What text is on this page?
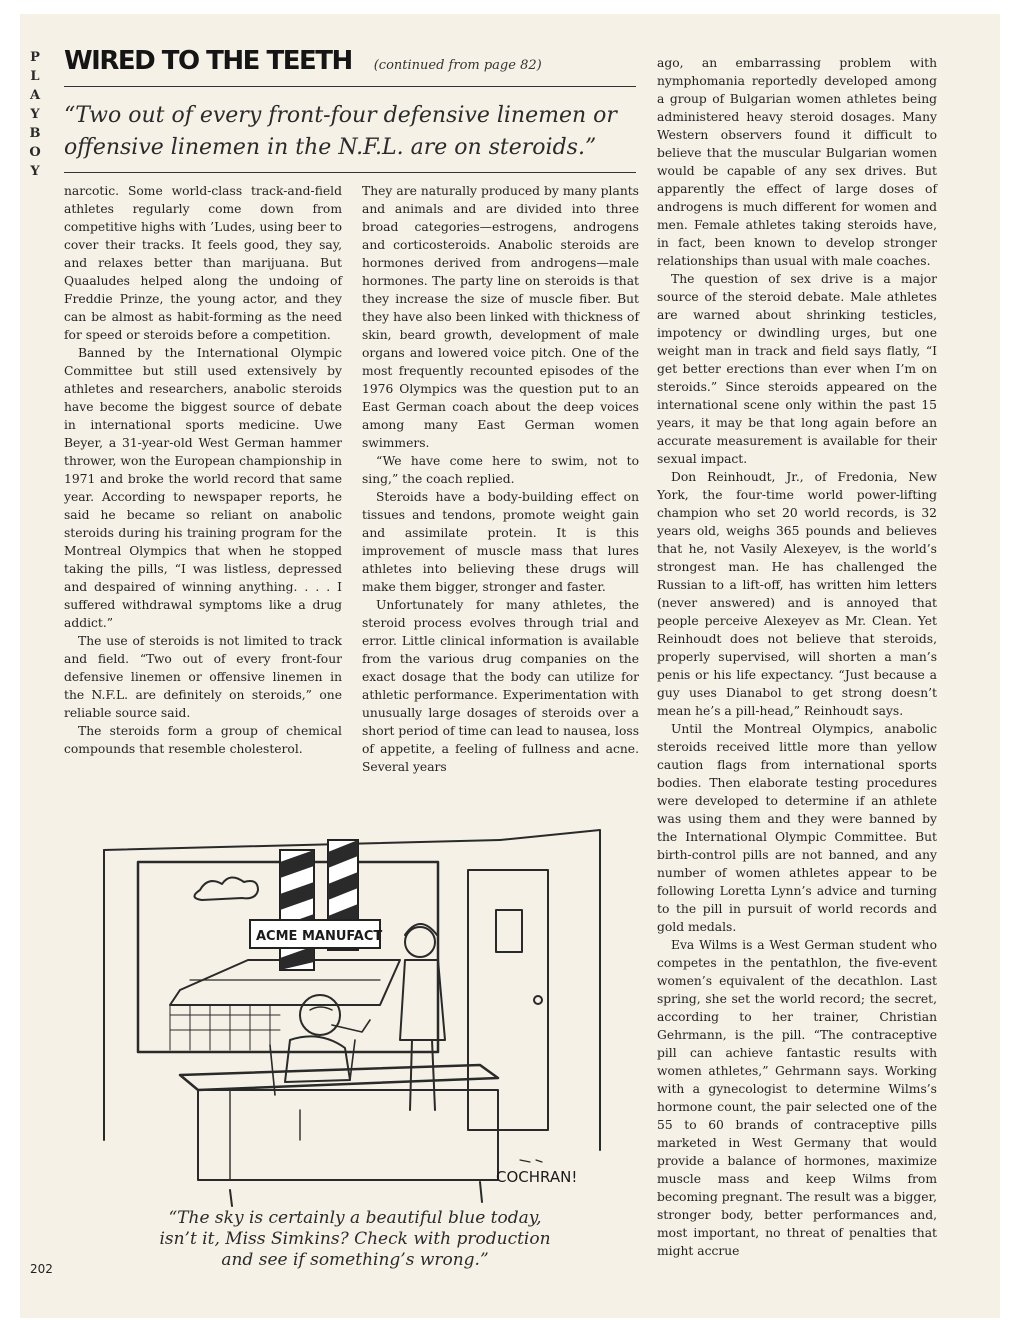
P
L
A
Y
B
O
Y
WIRED TO THE TEETH (continued from page 82)

“Two out of every front-four defensive linemen or offensive linemen in the N.F.L. are on steroids.”

narcotic. Some world-class track-and-field athletes regularly come down from competitive highs with ’Ludes, using beer to cover their tracks. It feels good, they say, and relaxes better than marijuana. But Quaaludes helped along the undoing of Freddie Prinze, the young actor, and they can be almost as habit-forming as the need for speed or steroids before a competition.

Banned by the International Olympic Committee but still used extensively by athletes and researchers, anabolic steroids have become the biggest source of debate in international sports medicine. Uwe Beyer, a 31-year-old West German hammer thrower, won the European championship in 1971 and broke the world record that same year. According to newspaper reports, he said he became so reliant on anabolic steroids during his training program for the Montreal Olympics that when he stopped taking the pills, “I was listless, depressed and despaired of winning anything. . . . I suffered withdrawal symptoms like a drug addict.”

The use of steroids is not limited to track and field. “Two out of every front-four defensive linemen or offensive linemen in the N.F.L. are definitely on steroids,” one reliable source said.

The steroids form a group of chemical compounds that resemble cholesterol.

They are naturally produced by many plants and animals and are divided into three broad categories—estrogens, androgens and corticosteroids. Anabolic steroids are hormones derived from androgens—male hormones. The party line on steroids is that they increase the size of muscle fiber. But they have also been linked with thickness of skin, beard growth, development of male organs and lowered voice pitch. One of the most frequently recounted episodes of the 1976 Olympics was the question put to an East German coach about the deep voices among many East German women swimmers.

“We have come here to swim, not to sing,” the coach replied.

Steroids have a body-building effect on tissues and tendons, promote weight gain and assimilate protein. It is this improvement of muscle mass that lures athletes into believing these drugs will make them bigger, stronger and faster.

Unfortunately for many athletes, the steroid process evolves through trial and error. Little clinical information is available from the various drug companies on the exact dosage that the body can utilize for athletic performance. Experimentation with unusually large dosages of steroids over a short period of time can lead to nausea, loss of appetite, a feeling of fullness and acne. Several years

ago, an embarrassing problem with nymphomania reportedly developed among a group of Bulgarian women athletes being administered heavy steroid dosages. Many Western observers found it difficult to believe that the muscular Bulgarian women would be capable of any sex drives. But apparently the effect of large doses of androgens is much different for women and men. Female athletes taking steroids have, in fact, been known to develop stronger relationships than usual with male coaches.

The question of sex drive is a major source of the steroid debate. Male athletes are warned about shrinking testicles, impotency or dwindling urges, but one weight man in track and field says flatly, “I get better erections than ever when I’m on steroids.” Since steroids appeared on the international scene only within the past 15 years, it may be that long again before an accurate measurement is available for their sexual impact.

Don Reinhoudt, Jr., of Fredonia, New York, the four-time world power-lifting champion who set 20 world records, is 32 years old, weighs 365 pounds and believes that he, not Vasily Alexeyev, is the world’s strongest man. He has challenged the Russian to a lift-off, has written him letters (never answered) and is annoyed that people perceive Alexeyev as Mr. Clean. Yet Reinhoudt does not believe that steroids, properly supervised, will shorten a man’s penis or his life expectancy. “Just because a guy uses Dianabol to get strong doesn’t mean he’s a pill-head,” Reinhoudt says.

Until the Montreal Olympics, anabolic steroids received little more than yellow caution flags from international sports bodies. Then elaborate testing procedures were developed to determine if an athlete was using them and they were banned by the International Olympic Committee. But birth-control pills are not banned, and any number of women athletes appear to be following Loretta Lynn’s advice and turning to the pill in pursuit of world records and gold medals.

Eva Wilms is a West German student who competes in the pentathlon, the five-event women’s equivalent of the decathlon. Last spring, she set the world record; the secret, according to her trainer, Christian Gehrmann, is the pill. “The contraceptive pill can achieve fantastic results with women athletes,” Gehrmann says. Working with a gynecologist to determine Wilms’s hormone count, the pair selected one of the 55 to 60 brands of contraceptive pills marketed in West Germany that would provide a balance of hormones, maximize muscle mass and keep Wilms from becoming pregnant. The result was a bigger, stronger body, better performances and, most important, no threat of penalties that might accrue

ACME MANUFACT
COCHRAN!

“The sky is certainly a beautiful blue today, isn’t it, Miss Simkins? Check with production and see if something’s wrong.”

202
